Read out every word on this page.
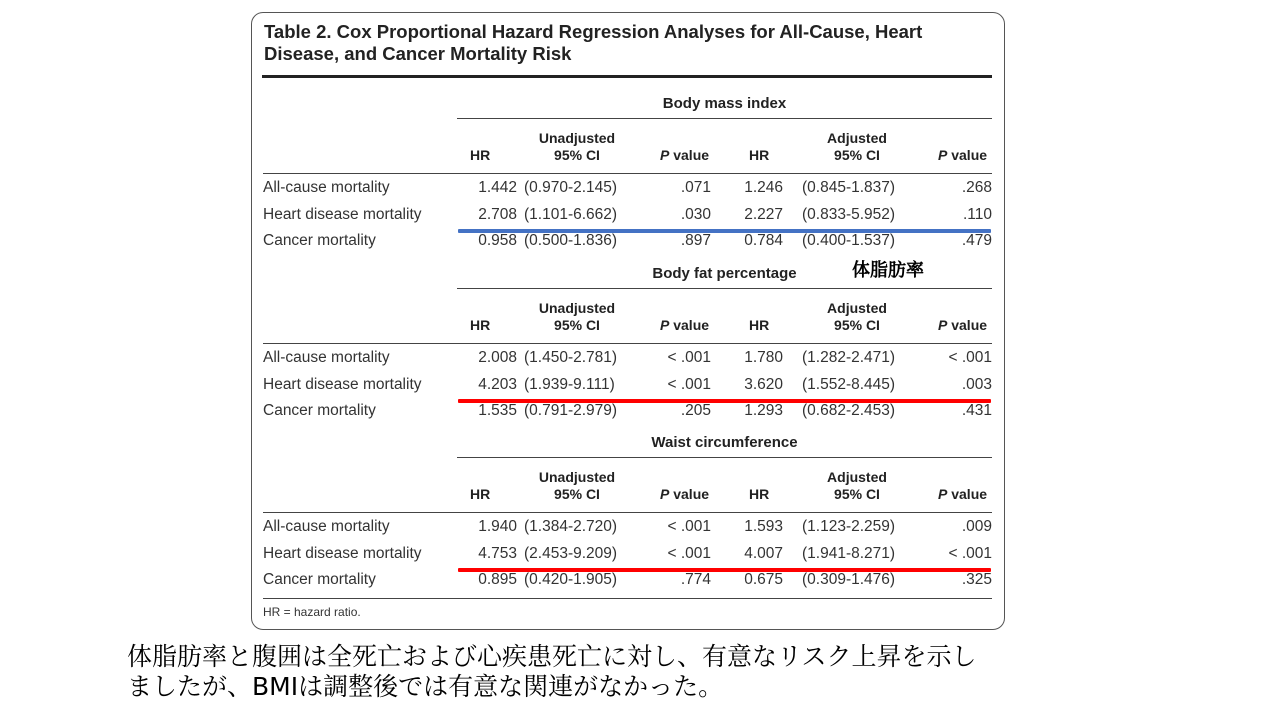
Table 2. Cox Proportional Hazard Regression Analyses for All-Cause, Heart Disease, and Cancer Mortality Risk
Body mass index
HR
Unadjusted
95% CI	P value	HR
Adjusted
95% CI	P value
All-cause mortality	1.442 (0.970-2.145)	.071	1.246 (0.845-1.837)	.268
Heart disease mortality	2.708 (1.101-6.662)	.030	2.227 (0.833-5.952)	.110
Cancer mortality	0.958 (0.500-1.836)	.897	0.784 (0.400-1.537)	.479
Body fat percentage
HR
Unadjusted
95% CI	P value	HR
Adjusted
95% CI	P value
All-cause mortality	2.008 (1.450-2.781)	< .001	1.780 (1.282-2.471)	< .001
Heart disease mortality	4.203 (1.939-9.111)	< .001	3.620 (1.552-8.445)	.003
Cancer mortality	1.535 (0.791-2.979)	.205	1.293 (0.682-2.453)	.431
Waist circumference
HR
Unadjusted
95% CI	P value	HR
Adjusted
95% CI	P value
All-cause mortality	1.940 (1.384-2.720)	< .001	1.593 (1.123-2.259)	.009
Heart disease mortality	4.753 (2.453-9.209)	< .001	4.007 (1.941-8.271)	< .001
Cancer mortality	0.895 (0.420-1.905)	.774	0.675 (0.309-1.476)	.325
HR = hazard ratio.
体脂肪率
体脂肪率と腹囲は全死亡および心疾患死亡に対し、有意なリスク上昇を示し
ましたが、BMIは調整後では有意な関連がなかった。
